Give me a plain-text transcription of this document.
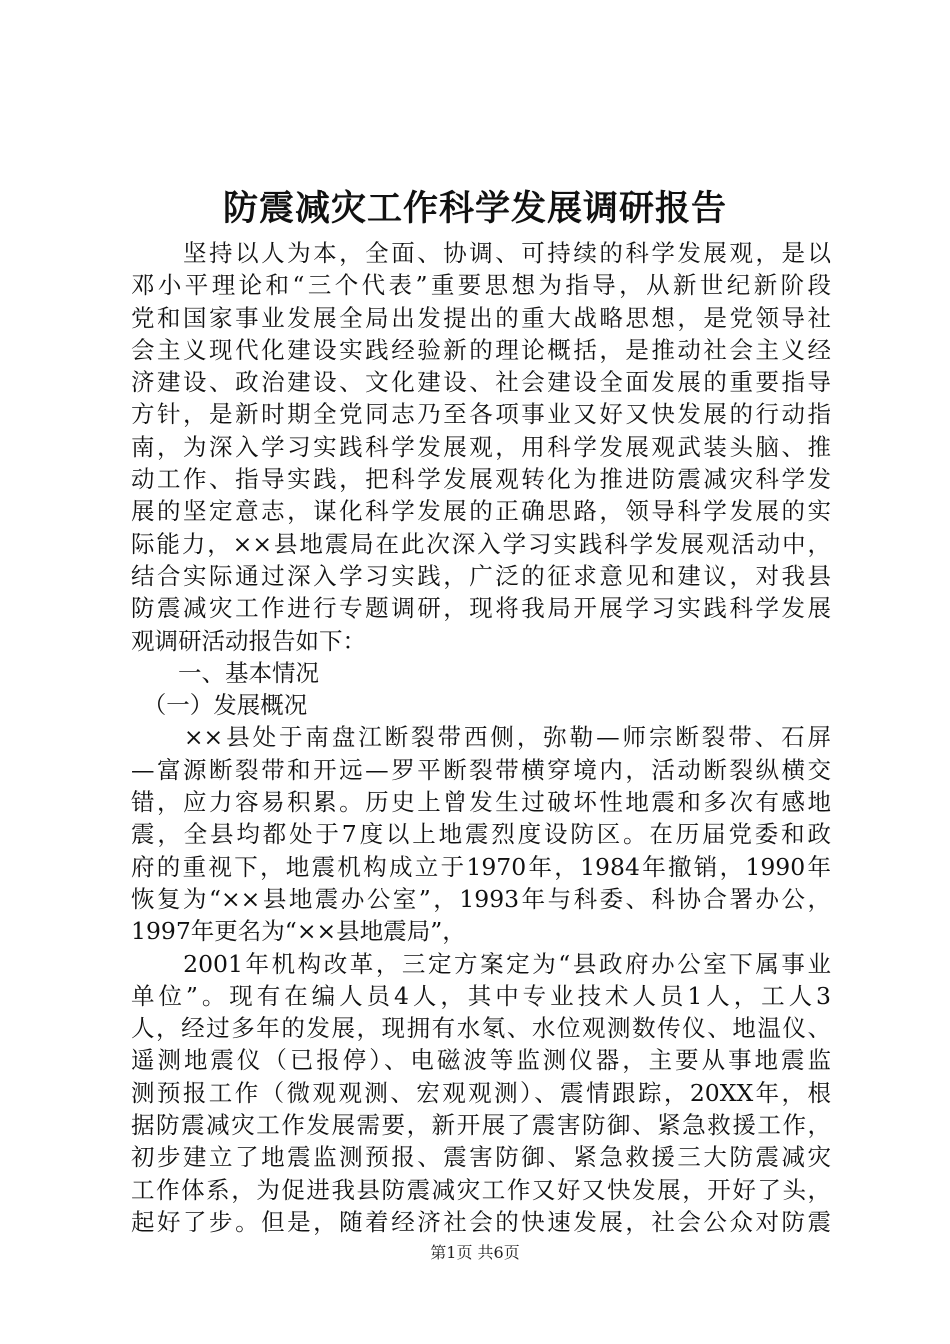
防震减灾工作科学发展调研报告
　　坚持以人为本，全面、协调、可持续的科学发展观，是以
邓小平理论和“三个代表”重要思想为指导，从新世纪新阶段
党和国家事业发展全局出发提出的重大战略思想，是党领导社
会主义现代化建设实践经验新的理论概括，是推动社会主义经
济建设、政治建设、文化建设、社会建设全面发展的重要指导
方针，是新时期全党同志乃至各项事业又好又快发展的行动指
南，为深入学习实践科学发展观，用科学发展观武装头脑、推
动工作、指导实践，把科学发展观转化为推进防震减灾科学发
展的坚定意志，谋化科学发展的正确思路，领导科学发展的实
际能力，××县地震局在此次深入学习实践科学发展观活动中，
结合实际通过深入学习实践，广泛的征求意见和建议，对我县
防震减灾工作进行专题调研，现将我局开展学习实践科学发展
观调研活动报告如下：
　　一、基本情况
　（一）发展概况
　　××县处于南盘江断裂带西侧，弥勒—师宗断裂带、石屏
—富源断裂带和开远—罗平断裂带横穿境内，活动断裂纵横交
错，应力容易积累。历史上曾发生过破坏性地震和多次有感地
震，全县均都处于7度以上地震烈度设防区。在历届党委和政
府的重视下，地震机构成立于1970年，1984年撤销，1990年
恢复为“××县地震办公室”，1993年与科委、科协合署办公，
1997年更名为“××县地震局”，
　　2001年机构改革，三定方案定为“县政府办公室下属事业
单位”。现有在编人员4人，其中专业技术人员1人，工人3
人，经过多年的发展，现拥有水氡、水位观测数传仪、地温仪、
遥测地震仪（已报停）、电磁波等监测仪器，主要从事地震监
测预报工作（微观观测、宏观观测）、震情跟踪，20XX年，根
据防震减灾工作发展需要，新开展了震害防御、紧急救援工作，
初步建立了地震监测预报、震害防御、紧急救援三大防震减灾
工作体系，为促进我县防震减灾工作又好又快发展，开好了头，
起好了步。但是，随着经济社会的快速发展，社会公众对防震
第1页 共6页
